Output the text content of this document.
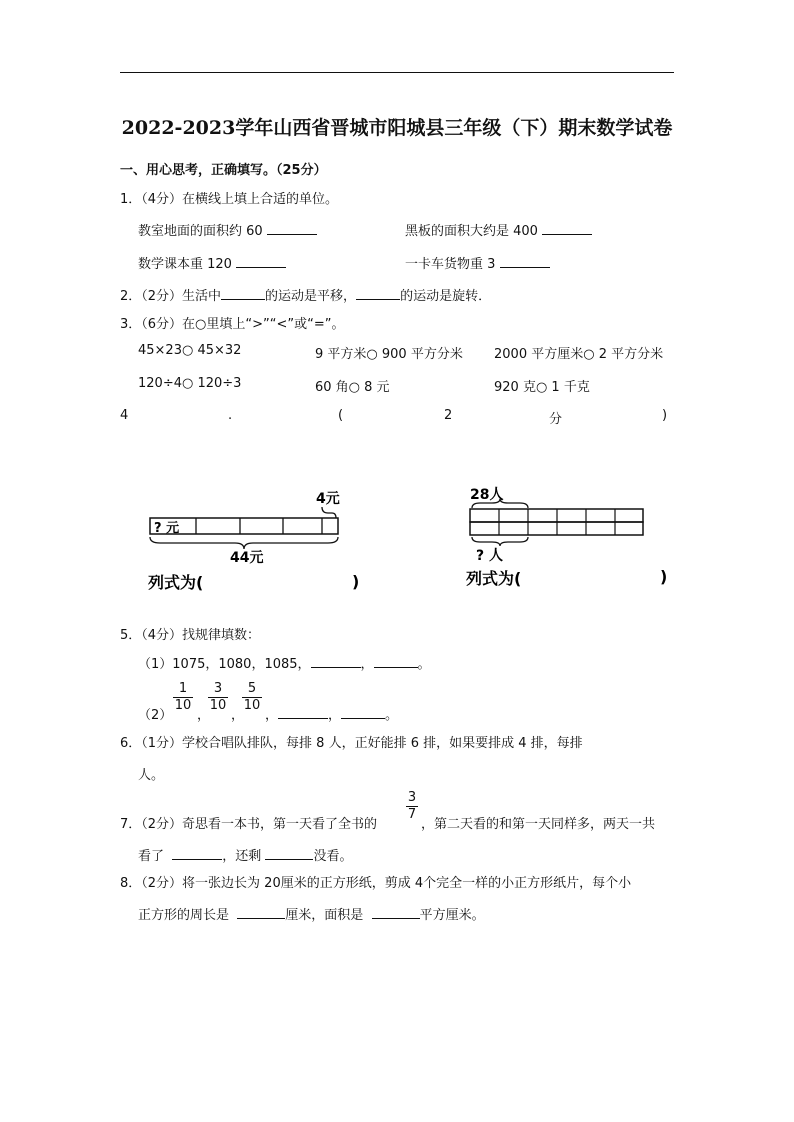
2022-2023学年山西省晋城市阳城县三年级（下）期末数学试卷
一、用心思考，正确填写。（25分）
1．（4分）在横线上填上合适的单位。
教室地面的面积约 60	黑板的面积大约是 400
数学课本重 120	一卡车货物重 3
2．（2分）生活中	的运动是平移，	的运动是旋转．
3．（6分）在○里填上“>”“<”或“=”。
45×23○ 45×32	9 平方米○ 900 平方分米 2000 平方厘米○ 2 平方分米
120÷4○ 120÷3	60 角○ 8 元	920 克○ 1 千克
4	.	(	2	分	)
4元
? 元
44元
列式为(	)
28人
? 人
列式为(	)
5．（4分）找规律填数：
（1）1075，1080，1085，	，	。
（2）
1
10
，
3
10
，
5
10
，	，	。
6．（1分）学校合唱队排队，每排 8 人，正好能排 6 排，如果要排成 4 排，每排
人。
7．（2分）奇思看一本书，第一天看了全书的
3
7
，第二天看的和第一天同样多，两天一共
看了	，还剩	没看。
8．（2分）将一张边长为 20厘米的正方形纸，剪成 4个完全一样的小正方形纸片，每个小
正方形的周长是	厘米，面积是	平方厘米。
